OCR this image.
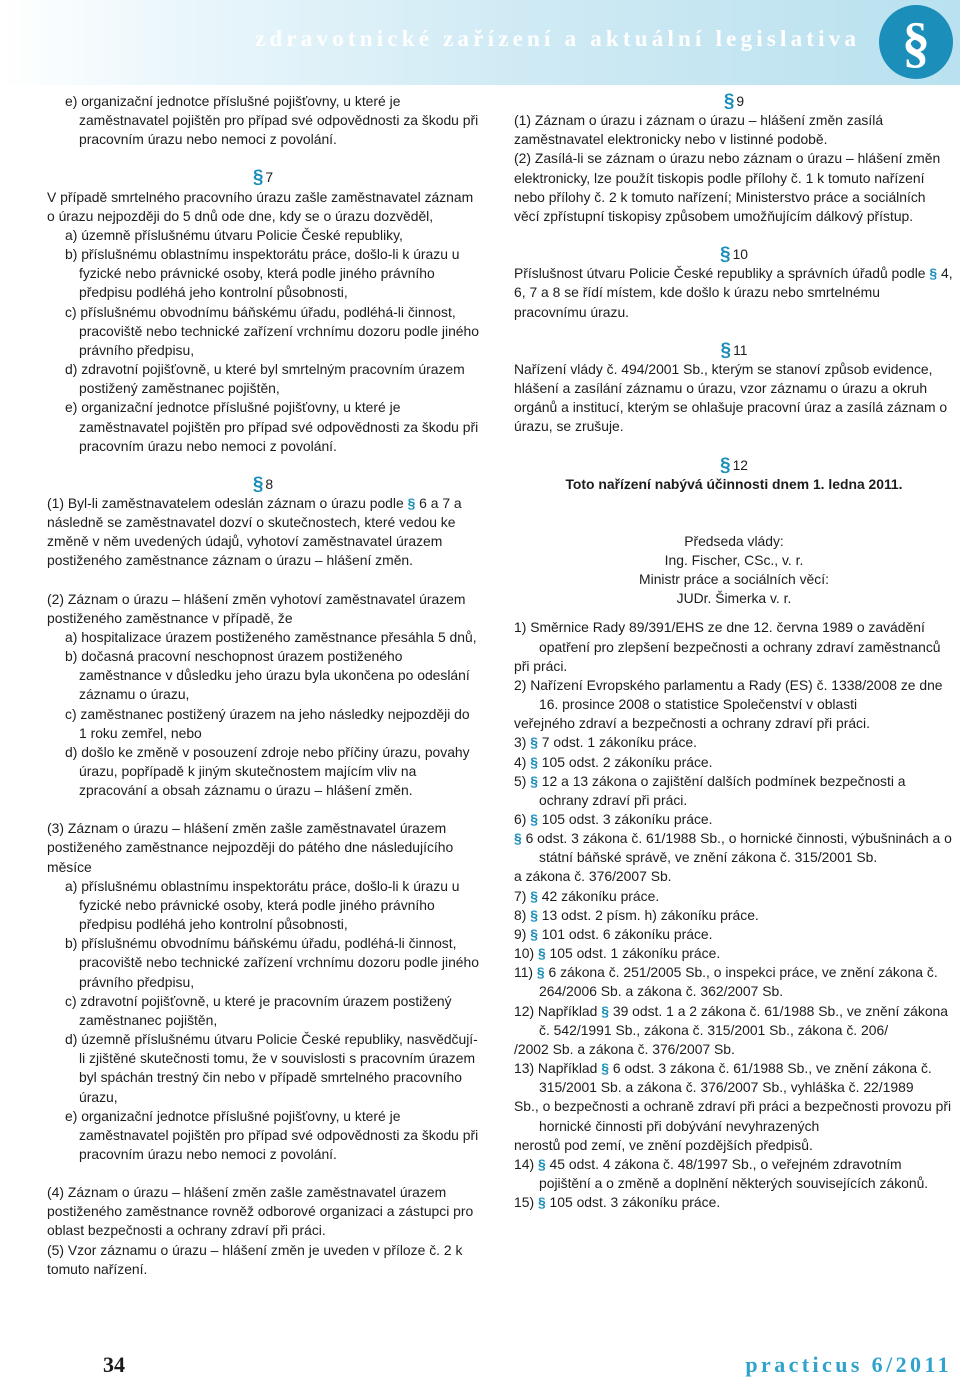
zdravotnické zařízení a aktuální legislativa §

e) organizační jednotce příslušné pojišťovny, u které je zaměstnavatel pojištěn pro případ své odpovědnosti za škodu při pracovním úrazu nebo nemoci z povolání.

§ 7

V případě smrtelného pracovního úrazu zašle zaměstnavatel záznam o úrazu nejpozději do 5 dnů ode dne, kdy se o úrazu dozvěděl,

a) územně příslušnému útvaru Policie České republiky,

b) příslušnému oblastnímu inspektorátu práce, došlo-li k úrazu u fyzické nebo právnické osoby, která podle jiného právního předpisu podléhá jeho kontrolní působnosti,

c) příslušnému obvodnímu báňskému úřadu, podléhá-li činnost, pracoviště nebo technické zařízení vrchnímu dozoru podle jiného právního předpisu,

d) zdravotní pojišťovně, u které byl smrtelným pracovním úrazem postižený zaměstnanec pojištěn,

e) organizační jednotce příslušné pojišťovny, u které je zaměstnavatel pojištěn pro případ své odpovědnosti za škodu při pracovním úrazu nebo nemoci z povolání.

§ 8

(1) Byl-li zaměstnavatelem odeslán záznam o úrazu podle § 6 a 7 a následně se zaměstnavatel dozví o skutečnostech, které vedou ke změně v něm uvedených údajů, vyhotoví zaměstnavatel úrazem postiženého zaměstnance záznam o úrazu – hlášení změn.

(2) Záznam o úrazu – hlášení změn vyhotoví zaměstnavatel úrazem postiženého zaměstnance v případě, že

a) hospitalizace úrazem postiženého zaměstnance přesáhla 5 dnů,

b) dočasná pracovní neschopnost úrazem postiženého zaměstnance v důsledku jeho úrazu byla ukončena po odeslání záznamu o úrazu,

c) zaměstnanec postižený úrazem na jeho následky nejpozději do 1 roku zemřel, nebo

d) došlo ke změně v posouzení zdroje nebo příčiny úrazu, povahy úrazu, popřípadě k jiným skutečnostem majícím vliv na zpracování a obsah záznamu o úrazu – hlášení změn.

(3) Záznam o úrazu – hlášení změn zašle zaměstnavatel úrazem postiženého zaměstnance nejpozději do pátého dne následujícího měsíce

a) příslušnému oblastnímu inspektorátu práce, došlo-li k úrazu u fyzické nebo právnické osoby, která podle jiného právního předpisu podléhá jeho kontrolní působnosti,

b) příslušnému obvodnímu báňskému úřadu, podléhá-li činnost, pracoviště nebo technické zařízení vrchnímu dozoru podle jiného právního předpisu,

c) zdravotní pojišťovně, u které je pracovním úrazem postižený zaměstnanec pojištěn,

d) územně příslušnému útvaru Policie České republiky, nasvědčují-li zjištěné skutečnosti tomu, že v souvislosti s pracovním úrazem byl spáchán trestný čin nebo v případě smrtelného pracovního úrazu,

e) organizační jednotce příslušné pojišťovny, u které je zaměstnavatel pojištěn pro případ své odpovědnosti za škodu při pracovním úrazu nebo nemoci z povolání.

(4) Záznam o úrazu – hlášení změn zašle zaměstnavatel úrazem postiženého zaměstnance rovněž odborové organizaci a zástupci pro oblast bezpečnosti a ochrany zdraví při práci.

(5) Vzor záznamu o úrazu – hlášení změn je uveden v příloze č. 2 k tomuto nařízení.

§ 9

(1) Záznam o úrazu i záznam o úrazu – hlášení změn zasílá zaměstnavatel elektronicky nebo v listinné podobě.

(2) Zasílá-li se záznam o úrazu nebo záznam o úrazu – hlášení změn elektronicky, lze použít tiskopis podle přílohy č. 1 k tomuto nařízení nebo přílohy č. 2 k tomuto nařízení; Ministerstvo práce a sociálních věcí zpřístupní tiskopisy způsobem umožňujícím dálkový přístup.

§ 10

Příslušnost útvaru Policie České republiky a správních úřadů podle § 4, 6, 7 a 8 se řídí místem, kde došlo k úrazu nebo smrtelnému pracovnímu úrazu.

§ 11

Nařízení vlády č. 494/2001 Sb., kterým se stanoví způsob evidence, hlášení a zasílání záznamu o úrazu, vzor záznamu o úrazu a okruh orgánů a institucí, kterým se ohlašuje pracovní úraz a zasílá záznam o úrazu, se zrušuje.

§ 12

Toto nařízení nabývá účinnosti dnem 1. ledna 2011.

Předseda vlády:

Ing. Fischer, CSc., v. r.

Ministr práce a sociálních věcí:

JUDr. Šimerka v. r.

1) Směrnice Rady 89/391/EHS ze dne 12. června 1989 o zavádění opatření pro zlepšení bezpečnosti a ochrany zdraví zaměstnanců

při práci.

2) Nařízení Evropského parlamentu a Rady (ES) č. 1338/2008 ze dne 16. prosince 2008 o statistice Společenství v oblasti

veřejného zdraví a bezpečnosti a ochrany zdraví při práci.

3) § 7 odst. 1 zákoníku práce.

4) § 105 odst. 2 zákoníku práce.

5) § 12 a 13 zákona o zajištění dalších podmínek bezpečnosti a ochrany zdraví při práci.

6) § 105 odst. 3 zákoníku práce.

§ 6 odst. 3 zákona č. 61/1988 Sb., o hornické činnosti, výbušninách a o státní báňské správě, ve znění zákona č. 315/2001 Sb.

a zákona č. 376/2007 Sb.

7) § 42 zákoníku práce.

8) § 13 odst. 2 písm. h) zákoníku práce.

9) § 101 odst. 6 zákoníku práce.

10) § 105 odst. 1 zákoníku práce.

11) § 6 zákona č. 251/2005 Sb., o inspekci práce, ve znění zákona č. 264/2006 Sb. a zákona č. 362/2007 Sb.

12) Například § 39 odst. 1 a 2 zákona č. 61/1988 Sb., ve znění zákona č. 542/1991 Sb., zákona č. 315/2001 Sb., zákona č. 206/

/2002 Sb. a zákona č. 376/2007 Sb.

13) Například § 6 odst. 3 zákona č. 61/1988 Sb., ve znění zákona č. 315/2001 Sb. a zákona č. 376/2007 Sb., vyhláška č. 22/1989

Sb., o bezpečnosti a ochraně zdraví při práci a bezpečnosti provozu při hornické činnosti při dobývání nevyhrazených

nerostů pod zemí, ve znění pozdějších předpisů.

14) § 45 odst. 4 zákona č. 48/1997 Sb., o veřejném zdravotním pojištění a o změně a doplnění některých souvisejících zákonů.

15) § 105 odst. 3 zákoníku práce.

34	practicus 6/2011
